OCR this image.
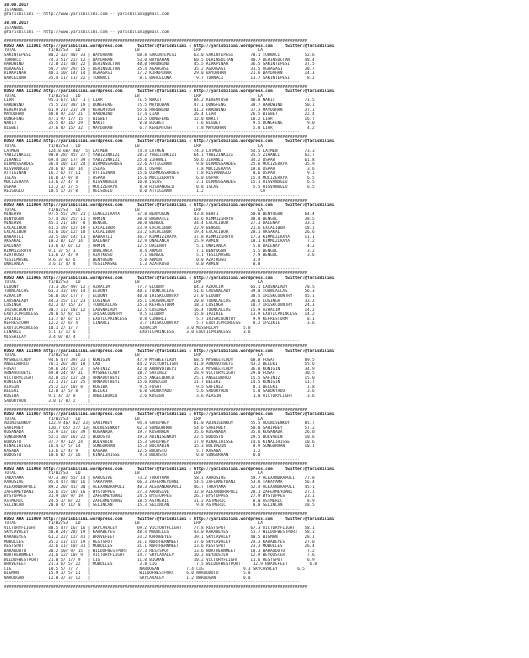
30.08.2017
ISTANBUL
@Yarisbilimi -- http://www.yarisbilimi.com -- yarisbilimi@gmail.com
30.08.2017
ISTANBUL
@Yarisbilimi -- http://www.yarisbilimi.com -- yarisbilimi@gmail.com
###########################################################################################################################
KOSU ARA 111961 http://yarisbilimi.wordpress.com      twitter:@YarisBilimi : http://yarisbilimi.wordpress.com     twitter:@YarisBilimi
TOTAL             Y1/B2/S3   LD                      LB                      LRP                       LA
SAKINTEPESI       80.2 32/ 40/ 33 | BAYDAHAN          68.8 SAKINTEPESI       63.0 SAKINTEPESI       70.1 TORNACI          52.6
TORNACI           74.3 51/ 22/ 12 | BAYDAHAN          53.0 BAYDAHAN          60.5 DERINSULTAN       40.7 DERINSULTAN      48.4
HARDWIND          72.0 21/ 48/ 22 | DERINSULTAN       40.0 HARDWIND          45.5 KIRKPINAR         36.5 SAKINTEPESI      37.5
AGAAGASI          59.7 19/ 29/ 15 | DERINSULTAN       35.4 AGAAGASI          35.2 AGAAGASI          31.5 AGAAGASI         30.7
KIRKPINAR         48.1 10/ 14/ 14 | AGAAGASI          17.2 KIRKPINAR         29.0 BAYDAHAN          21.6 BAYDAHAN         14.1
BARCELONA         35.4 11/ 11/ 22 | TORNACI            8.1 BARCELONA          9.7 TORNACI           13.7 SAKINTEPESI       8.2
------------------------------------------------------------------------------------------------------------------------
###########################################################################################################################
KOSU ARA 111962 http://yarisbilimi.wordpress.com      twitter:@YarisBilimi : http://yarisbilimi.wordpress.com     twitter:@YarisBilimi
TOTAL             Y1/B2/S3   LD                      LB                      LRP                       LA
LIAR              95.1 67/ 16/  1 | LIAR              71.5 NAKIT             84.2 KEREMTOSH         40.8 NAKIT            71.5
HARDWIND          75.5 23/ 38/ 19 | DONGFENG          75.5 MAYDOHAN          47.1 DONGFENG          38.7 HARDWIND         50.1
KEREMTOSH         61.9 21/ 23/ 29 | KEREMTOSH         55.6 HARDWIND          41.2 HARDWIND          37.3 MAYDOHAN         37.1
MAYDOHAN          48.8 9/ 23/ 21  | HARDWIND          17.4 LIAR              26.4 LIAR              26.5 BIGBET           22.4
DONGFENG          47.1 9/ 17/ 15  | BIGBET            13.5 DONGFENG          12.0 NAKIT             10.2 LIAR             16.7
NAKIT             35.5 8/ 16/ 29  | NAKIT              0.0 BIGBET             7.6 BIGBET             9.5 DONGFENG          9.0
BIGBET            37.6 8/ 15/ 32  | MAYDOHAN           6.7 KEREMTOSH          7.8 MAYDOHAN           5.8 LIAR              4.2
------------------------------------------------------------------------------------------------------------------------
###########################################################################################################################
KOSU ARA 111963 http://yarisbilimi.wordpress.com      twitter:@YarisBilimi : http://yarisbilimi.wordpress.com     twitter:@YarisBilimi
TOTAL             Y1/B2/S3   LD                      LB                      LRP                       LA
LATMEN            124.8 60/ 40/  5| LATMEN            74.4 LATMEN            74.3 LATMEN            54.5 LATMEN           73.3
YABIZINKIZI       90.0 28/ 45/ 27 | YABIZINKIZI       28.2 YABIZINKIZI       64.1 YABIZINKIZI       35.5 ZIHANLI          62.7
ZIHANLI           69.4 18/ 17/ 39 | YABIZINKIZI       25.0 ZIHANLI           50.6 ZIHANLI           34.2 OSPAR            61.8
DIRMUSSARDES      36.4 10/ 13/ 24 | DIRMUSSARDES      22.6 ATTIGINAN          9.8 DIRMUSSARDES      25.6 MUCIZERAYA       35.9
RISVANOGLU        24.6 8/ 10/ 14  | ISLAS             20.1 OSPAR              7.8 MUCIZERAYA        18.6 OSPAR             3.6
ATTIGINAN         16.7 6/ 7/ 11   | ATTIGINAN         15.6 DIRMUSSARDES       7.8 RISVANOGLU         8.6 OSPAR             9.1
ISLAS             16.0 3/ 9/ 8    | OSPAR             15.6 MUCIZERAYA         6.0 OSPAR             15.4 MUCIZERAYA        6.5
MUCIZERAYA        13.6 2/ 4/ 4    | RISVANOGLU        10.0 ISLAS              2.1 DIRMUSSARDES      15.1 RISVANOGLU        6.5
OSPAR             12.2 3/ 2/ 5    | MUCIZERAYA         8.8 RISVANOGLU         0.8 ISLAS              5.5 RISVANOGLU        6.5
REISOGLU          10.5 1/ 3/ 8    | REISOGLU           0.0 ATTIGINAN          1.2                       LA
------------------------------------------------------------------------------------------------------------------------
###########################################################################################################################
KOSU ARA 111964 http://yarisbilimi.wordpress.com      twitter:@YarisBilimi : http://yarisbilimi.wordpress.com     twitter:@YarisBilimi
TOTAL             Y1/B2/S3   LD                      LB                      LRP                       LA
MINERVA           97.5 55/ 29/ 21 | LENGIZIRAYA       37.0 BENYOGUN          43.8 BENTI             50.0 BENYOGUN         64.4
BENYOGUN          57.4 26/ 25/ 11 | ARMIN             30.0 BABAATLI          43.6 KIMMIZIRAYA       48.0 BENGUL           38.5
MINERVA           45.1 21/ 18/  8 | BENGUL            30.0 BENGUL            34.4 EXCALIBUR         27.3 DALENAY          33.2
EXCALIBUR         41.1 19/ 12/ 19 | EXCALIBUR         23.9 EXCALIBUR         22.9 BENGUL            21.6 EXCALIBUR        18.1
EXCALIBUR         41.6 16/ 12/ 18 | EXCALIBUR         23.2 EXCALIBUR         19.4 EXCALIBUR         20.1 AKSAKAL          26.6
BABAATLI          33.5 10/ 14/ 11 | BABAATLI          16.7 KIMMIZIRAYA       17.8 KIMMIZIRAYA       17.3 KIMMIZIRAYA      11.1
AKSAKAL           18.2 8/ 12/ 14  | DALENAY           12.9 UNALANCA          15.9 ARMIN             10.1 KIMMIZIRAYA       7.2
DALENAY           13.6 4/ 6/ 12   | ARMIN             12.5 DALENAY            5.1 UNALANCA           5.8 DALENAY           4.2
KIMMIZIRAYA       9.1 3/ 5/ 3     | UNALANCA           8.4 ARMIN              7.1 BENYOGUN           5.5 BENGUL            3.2
AZATKUSU          11.6 2/ 4/ 9    | AZATKUSU           7.1 BENGUL             5.1 YESILMASKE         7.9 BENGUL            3.6
YESILMASKE        9.6 3/ 6/ 6     | BENYOGUN           5.0 ARMIN              0.0 AZATKUSU           3.4
UNALANCA          3.6 1/ 4/ 8     | YESILMASKE         1.3 AZATKUSU           0.0 ARMIN              0.0
------------------------------------------------------------------------------------------------------------------------
###########################################################################################################################
KOSU ARA 111965 http://yarisbilimi.wordpress.com      twitter:@YarisBilimi : http://yarisbilimi.wordpress.com     twitter:@YarisBilimi
TOTAL             Y1/B2/S3   LD                      LB                      LRP                       LA
ELOONY            73.3 26/ 49/ 12 | AZRACIM           77.7 ELOONY            64.3 AZRACIM           65.1 LAUSNALADY       70.5
TOUNCALLAS        63.1 33/ 19/ 14 | ELOONY            40.1 TOUNCALLAS        51.6 LAUSNALADY        39.0 TOUNCALLAS       56.3
AZRACIM           56.0 16/ 17/ 7  | ELOONY            40.0 IRISKCOUNTRY      27.0 ELOONY            38.5 IRISKCOUNTRY     45.1
LAUSNALADY        44.3 15/ 11/ 23 | LOSINGA           35.1 LAUSNALADY        20.0 TOUNCALLAS        30.6 LOSINGA          33.2
LOSINGA           42.3 4/ 15/ 37  | TOUNCALLAS        15.3 KEFRESTORM        18.3 LOSINGA           18.7 IRISKCOUNTRY     24.1
IRISKCOUNTRY      30.7 11/ 10/ 12 | LAUSNALADY        12.5 LOSINGA           16.4 TOUNCALLAS        15.9 AZRACIM          14.2
EXOTICPRINCESS    20.0 5/ 8/ 15   | IRISKCOUNTRY       9.5 ELOONY            15.8 IPZIKIE           13.9 EXOTICPRINCESS   14.2
IPZIKIE           13.7 0/ 6/ 17   | EXOTICPRINCESS     8.8 CINARLI            5.7 IRISKCOUNTRY       9.9 KEFRESTORM        8.1
KEFRESTORM        12.2 1/ 6/ 4    | CINARLI            3.7 IRISKCOUNTRY       5.7 EXOTICPRINCESS     8.2 IPZIKIE           3.6
EXOTICPRINCESS    10.1 2/ 1/ 7    |                    AZRACIM            3.0 MISSHILAY          5.0
CINARLI           5.1 1/ 1/ 6     |                    EXOTICPRINCESS     3.0 EXOTICPRINCESS     3.0
MISSHILAY         3.4 0/ 0/ 4     |
------------------------------------------------------------------------------------------------------------------------
###########################################################################################################################
KOSU ARA 111966 http://yarisbilimi.wordpress.com      twitter:@YarisBilimi : http://yarisbilimi.wordpress.com     twitter:@YarisBilimi
TOTAL             Y1/B2/S3   LD                      LB                      LRP                       LA
MYSWEETLADY       94.6 47/ 39/ 23 | KONIGIN           47.9 MYSWEETLADY       68.5 MYSWEETLADY       60.8 FUSAT            89.5
ANGELBURCU        76.1 26/ 38/ 18 | LAD               44.2 VICTORYLIGHT      41.8 ARNAVUTBEYI       43.2 BELEKI           55.6
FUSAT             59.6 24/ 15/ 3  | SAFINIZ           42.0 ARNAVUTBEYI       35.3 MYSWEETLADY       36.8 KONIGIN          34.9
ARNAVUTBEYI       49.0 24/ 9/ 31  | MYSWEETLADY       38.7 SAFINIZ           28.9 VICTORYLIGHT      29.0 FUSAT            30.5
VICTORYLIGHT      42.0 15/ 12/ 24 | ARNAVUTBEYI       25.5 ANGELBURCU        25.1 ANGELBURCU        15.5 SAFINIZ          15.0
KONIGIN           31.1 21/ 13/ 25 | ARNAVUTBEYI       15.6 KONIGIN           11.7 BELEKI            14.5 KONIGIN          11.7
ALASIN            25.2 12/ 10/ 8  | KUSIBA             9.5 FUSAT              9.5 SAFINIZ            8.1 BELEKI            1.8
BELEKI            12.0 3/ 5/ 8    | BELEKI             6.0 SADOKYADO          5.6 SADOKYADO          5.0 SADOKYADO         3.6
KUSIBA            9.1 4/ 3/ 8     | ANGELBURCU         2.6 KUSIBA             3.6 ALASIN             1.0 VICTORYLIGHT      3.6
SADOKYADO         3.0 1/ 0/ 2     |
------------------------------------------------------------------------------------------------------------------------
###########################################################################################################################
KOSU ARA 111967 http://yarisbilimi.wordpress.com      twitter:@YarisBilimi : http://yarisbilimi.wordpress.com     twitter:@YarisBilimi
TOTAL             Y1/B2/S3   LD                      LB                      LRP                       LA
ADINISENKOY       122.9 46/ 82/ 23| SAHIPBEY          94.4 SAHIPBEY          81.0 ADINISENKOY       55.5 ADINISENKOY      85.7
SAHIPBEY          120.7 65/ 27/ 13| ADINISENKOY       62.3 SUNGURHAN         54.6 SAHIPBEY          50.0 SAHIPBEY         57.2
KOSANADA          53.9 13/ 16/ 39 | KOSANADA          19.7 KOSANADA          35.6 KOSANADA          35.8 KOSANADA         26.0
SUNGURHAN         52.1 10/ 16/ 22 | BODOSTO           19.3 ADINISENKOY       22.5 BODOSTO           29.5 BOLVADIN         10.6
BODOSTO           37.7 9/ 12/ 24  | BOLVADIN          15.3 SAHIPBEY          17.9 KINALIHISSE       14.6 KINALIHISSE      10.6
KINALIHISSE       16.4 1/ 5/ 14   | SUNGURHAN         15.3 BOLVADIN          15.3 BOLVADIN           8.9 SUNGURHAN        10.1
KASABA            13.6 1/ 4/ 9    | KASABA            12.5 BODOSTO            5.7 KASABA             1.2
BODOSTO           10.6 0/ 2/ 16   | KINALIHISSE        9.3 BODOSTO            0.0 SUNGURHAN          0.0
------------------------------------------------------------------------------------------------------------------------
###########################################################################################################################
KOSU ARA 111968 http://yarisbilimi.wordpress.com      twitter:@YarisBilimi : http://yarisbilimi.wordpress.com     twitter:@YarisBilimi
TOTAL             Y1/B2/S3   LD                      LB                      LRP                       LA
TAKAYAMA          97.3 38/ 55/ 14 | AAROSIVE          73.2 TAKAYAMA          58.1 AAROSIVE          59.7 ALEXANDRAPOLI    77.8
AAROSIVE          95.4 47/ 40/ 16 | TAKAYAMA          66.3 ZAFERMEYDANI      54.5 ZAFERMEYDANI      53.8 TAKAYAMA         56.4
ALEXANDRAPOLI     89.2 20/ 41/ 30 | ALEXANDRAPOLI     40.3 ALEXANDRAPOLI     46.7 TAKAYAMA          52.4 ALEXANDRAPOLI    45.1
ZAFERMEYDANI      53.6 15/ 18/ 16 | BYSTOPPES         27.3 AAROSIVE          32.0 ALEXANDRAPOLI     28.1 ZAFERMEYDANI     27.1
BYSTOPPES         31.9 10/ 9/ 19  | ZAFERMEYDANI      24.5 BYSTOPPES         26.7 BYSTOPPES         27.9 BYSTOPPES        23.1
ASTMERIC          24.5 3/ 8/ 22   | ZAFERMEYDANI      18.5 ASTMERIC          11.2 ASTMERIC           0.0 ASTMERIC          8.9
SELINCAN          20.8 4/ 11/ 8   | SELINCAN          15.3 SELINCAN           9.8 ASTMERIC           0.0 SELINCAN         18.5
------------------------------------------------------------------------------------------------------------------------
###########################################################################################################################
KOSU ARA 111969 http://yarisbilimi.wordpress.com      twitter:@YarisBilimi : http://yarisbilimi.wordpress.com     twitter:@YarisBilimi
TOTAL             Y1/B2/S3   LD                      LB                      LRP                       LA
VICTORYFLIGHT     80.5 47/ 16/ 16 | SKYCAVALEY        69.2 VICTORYFLIGHT     77.8 RESTSPOT          67.3 VICTORYFLIGHT    58.1
SKYCAVALEY        58.0 24/ 28/ 19 | KARABEYES         48.4 MOBULLES          43.0 KARABEYES         51.7 WILDOFWESTPORT   58.1
KARABEYES         61.2 22/ 12/ 41 | BRAVEFEET         33.2 KARABEYES         39.1 SKYCAVALEY        40.5 BIGMAN           28.1
MOBULLES          35.2 11/ 15/ 19 | RESTSPOT          31.1 NORTHERNMEET      17.0 SKYCAVALEY        24.3 KARABEYES        27.0
RESTSPOT          32.6 11/ 10/ 31 | MOBULLES          31.1 NORTHERNMEET      13.6 RESTSPOT          23.3 MOBULLES         26.4
BARAODOTO         30.2 10/ 9/ 15  | WILDOFWESTPORT    27.3 RESTSPOT          13.6 NORTHERNMEET      18.3 BARAODOTO         7.2
NORTHERNMEET      31.6 12/ 10/ 9  | VICTORYFLIGHT     14.7 SKYCAVALEY        10.2 BEYDOSTER         12.9 BEYDOSTER         7.6
WILDOFWESTPORT    21.0 5/ 17/ 9   | CIG               11.0 BIGMAN            10.2 VICTORYFLIGHT     11.6 RESTSPOT          6.9
BRAVEFEET         21.3 6/ 5/ 22   | MOBULLES           3.8 CIG                7.5 WILDOFWESTPORT     12.9 BRAVEFEET         6.8
CIG               18.5 5/ 7/ 7    |                    NAROOGAN           7.4 CIG                9.3 SKYCAVALEY        6.5
BIGMAN            15.9 3/ 5/ 11   |                    WILDOFWESTPORT     6.0 NAROODOTO          5.8
NAROOGAN          12.0 3/ 3/ 12   |                    SKYCAVALEY         1.2 NAROOGAN           0.0
------------------------------------------------------------------------------------------------------------------------
###########################################################################################################################
